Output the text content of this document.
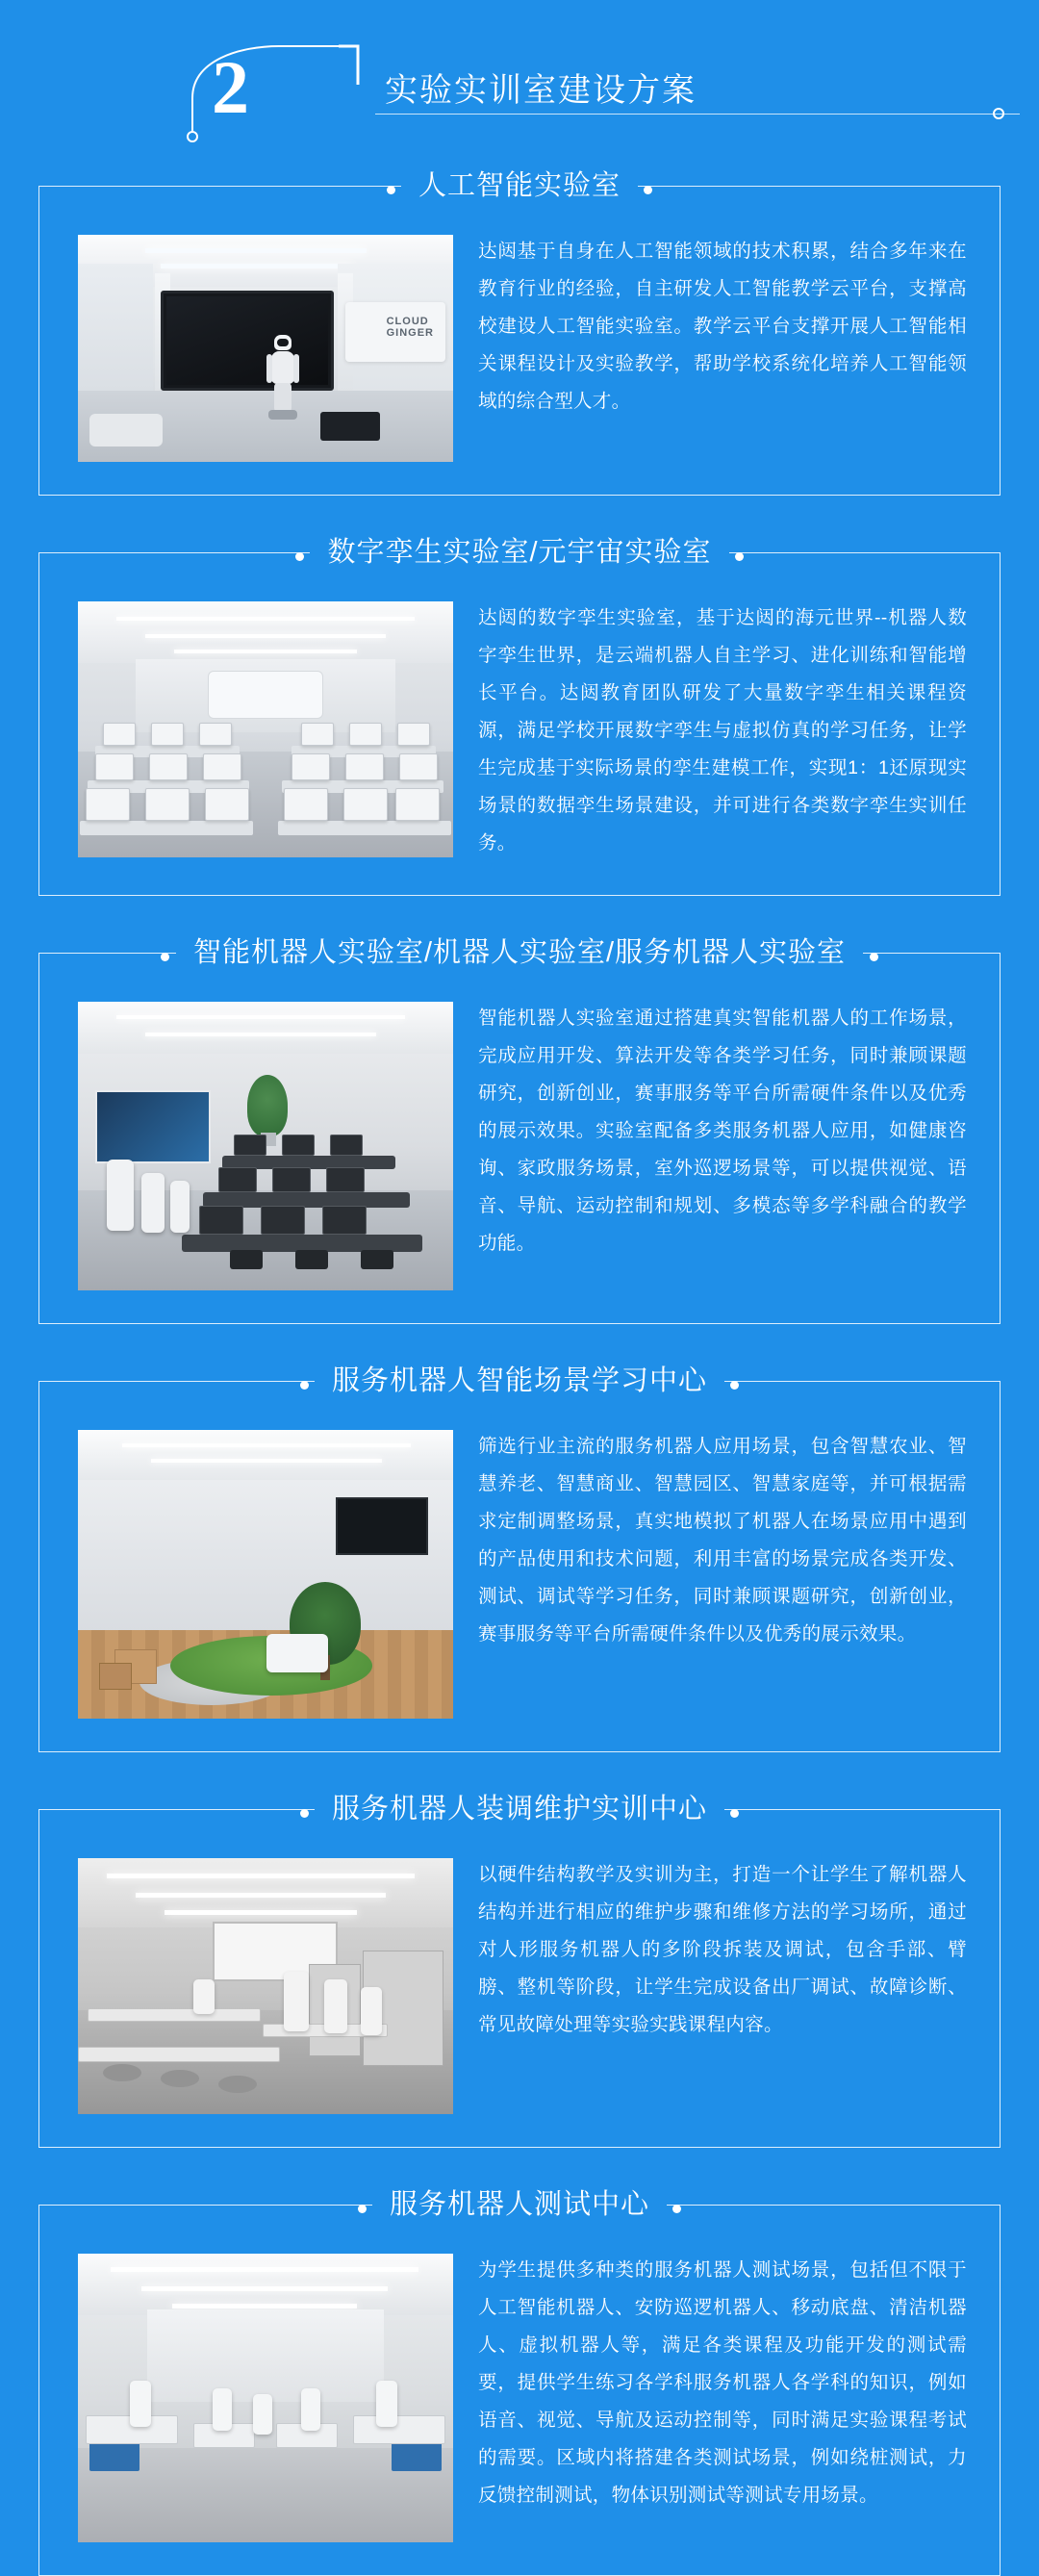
2	实验实训室建设方案
人工智能实验室
CLOUD
GINGER
达闼基于自身在人工智能领域的技术积累，结合多年来在教育行业的经验，自主研发人工智能教学云平台，支撑高校建设人工智能实验室。教学云平台支撑开展人工智能相关课程设计及实验教学，帮助学校系统化培养人工智能领域的综合型人才。
数字孪生实验室/元宇宙实验室
达闼的数字孪生实验室，基于达闼的海元世界--机器人数字孪生世界，是云端机器人自主学习、进化训练和智能增长平台。达闼教育团队研发了大量数字孪生相关课程资源，满足学校开展数字孪生与虚拟仿真的学习任务，让学生完成基于实际场景的孪生建模工作，实现1：1还原现实场景的数据孪生场景建设，并可进行各类数字孪生实训任务。
智能机器人实验室/机器人实验室/服务机器人实验室
智能机器人实验室通过搭建真实智能机器人的工作场景，完成应用开发、算法开发等各类学习任务，同时兼顾课题研究，创新创业，赛事服务等平台所需硬件条件以及优秀的展示效果。实验室配备多类服务机器人应用，如健康咨询、家政服务场景，室外巡逻场景等，可以提供视觉、语音、导航、运动控制和规划、多模态等多学科融合的教学功能。
服务机器人智能场景学习中心
筛选行业主流的服务机器人应用场景，包含智慧农业、智慧养老、智慧商业、智慧园区、智慧家庭等，并可根据需求定制调整场景，真实地模拟了机器人在场景应用中遇到的产品使用和技术问题，利用丰富的场景完成各类开发、测试、调试等学习任务，同时兼顾课题研究，创新创业，赛事服务等平台所需硬件条件以及优秀的展示效果。
服务机器人装调维护实训中心
以硬件结构教学及实训为主，打造一个让学生了解机器人结构并进行相应的维护步骤和维修方法的学习场所，通过对人形服务机器人的多阶段拆装及调试，包含手部、臂膀、整机等阶段，让学生完成设备出厂调试、故障诊断、常见故障处理等实验实践课程内容。
服务机器人测试中心
为学生提供多种类的服务机器人测试场景，包括但不限于人工智能机器人、安防巡逻机器人、移动底盘、清洁机器人、虚拟机器人等，满足各类课程及功能开发的测试需要，提供学生练习各学科服务机器人各学科的知识，例如语音、视觉、导航及运动控制等，同时满足实验课程考试的需要。区域内将搭建各类测试场景，例如绕桩测试，力反馈控制测试，物体识别测试等测试专用场景。
